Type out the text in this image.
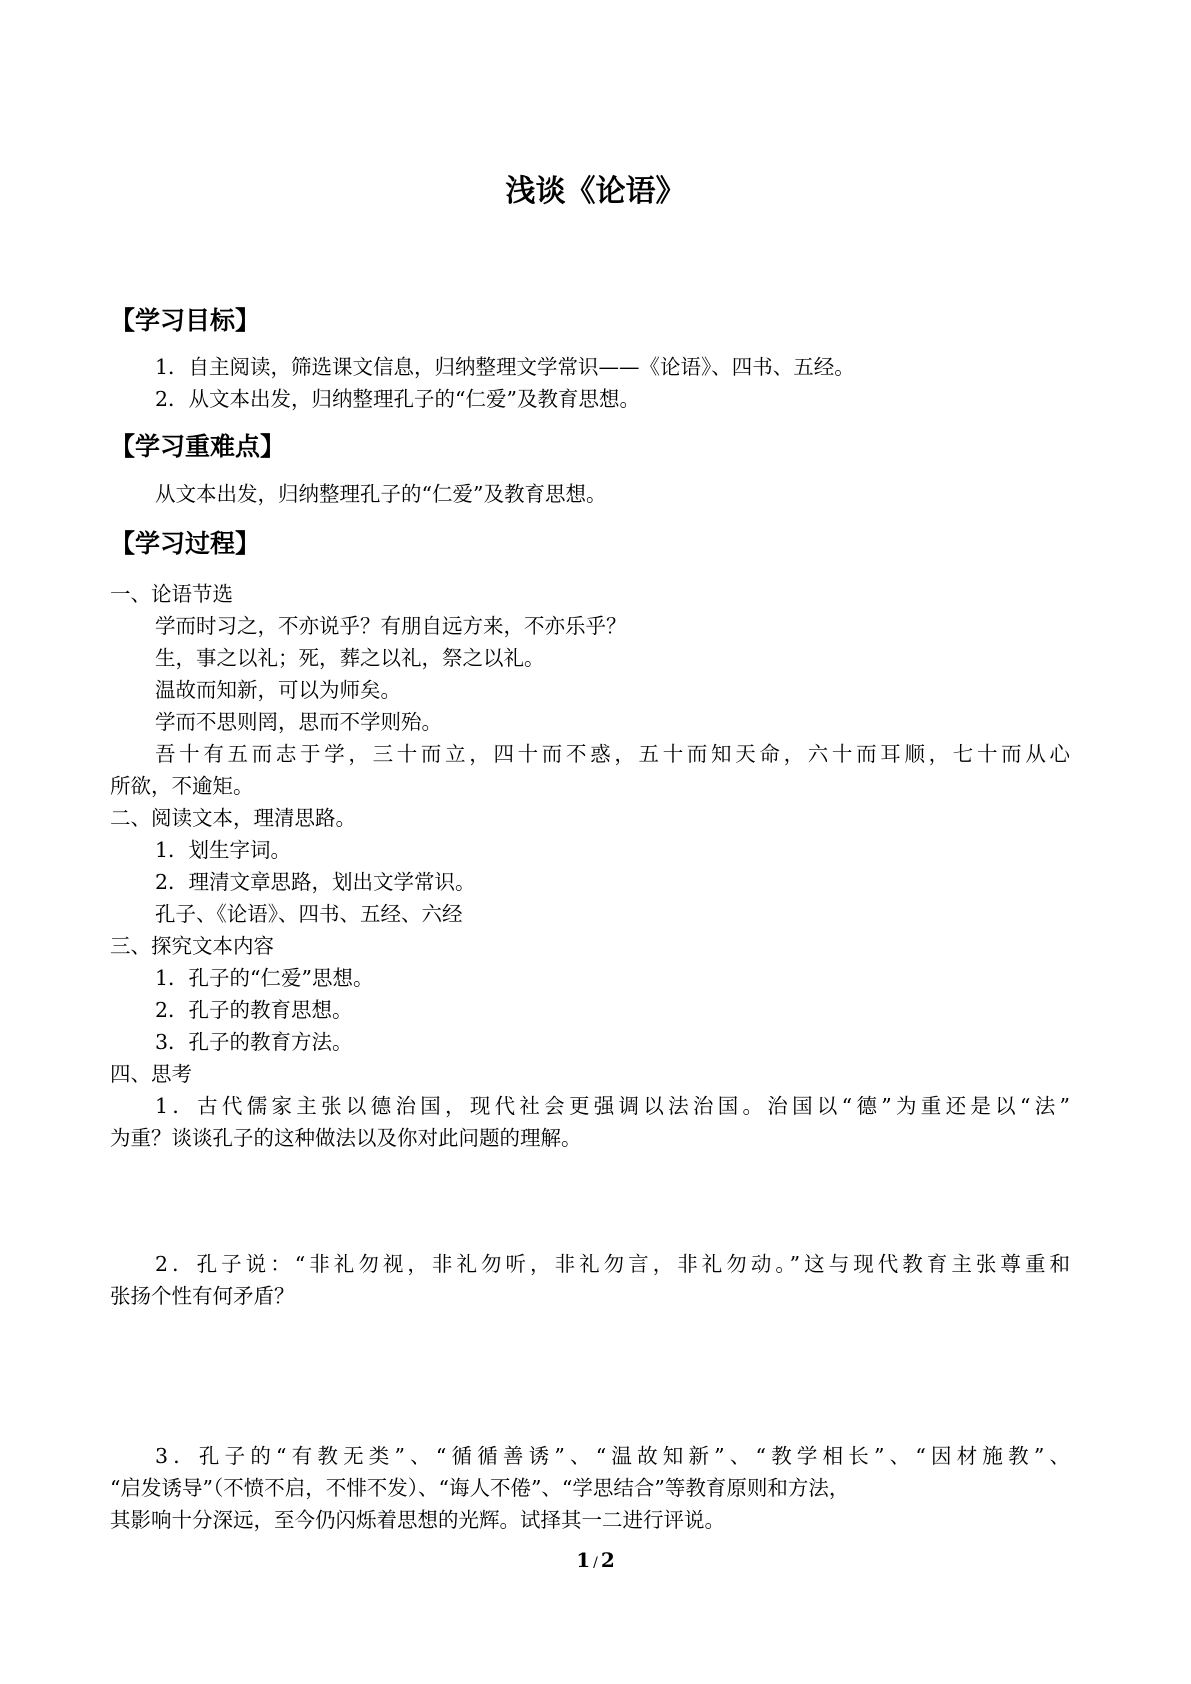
浅谈《论语》
【学习目标】
1．自主阅读，筛选课文信息，归纳整理文学常识——《论语》、四书、五经。
2．从文本出发，归纳整理孔子的“仁爱”及教育思想。
【学习重难点】
从文本出发，归纳整理孔子的“仁爱”及教育思想。
【学习过程】
一、论语节选
学而时习之，不亦说乎？有朋自远方来，不亦乐乎？
生，事之以礼；死，葬之以礼，祭之以礼。
温故而知新，可以为师矣。
学而不思则罔，思而不学则殆。
吾十有五而志于学，三十而立，四十而不惑，五十而知天命，六十而耳顺，七十而从心
所欲，不逾矩。
二、阅读文本，理清思路。
1．划生字词。
2．理清文章思路，划出文学常识。
孔子、《论语》、四书、五经、六经
三、探究文本内容
1．孔子的“仁爱”思想。
2．孔子的教育思想。
3．孔子的教育方法。
四、思考
1．古代儒家主张以德治国，现代社会更强调以法治国。治国以“德”为重还是以“法”
为重？谈谈孔子的这种做法以及你对此问题的理解。
2．孔子说：“非礼勿视，非礼勿听，非礼勿言，非礼勿动。”这与现代教育主张尊重和
张扬个性有何矛盾？
3．孔子的“有教无类”、“循循善诱”、“温故知新”、“教学相长”、“因材施教”、
“启发诱导”（不愤不启，不悱不发）、“诲人不倦”、“学思结合”等教育原则和方法，
其影响十分深远，至今仍闪烁着思想的光辉。试择其一二进行评说。
1 / 2
